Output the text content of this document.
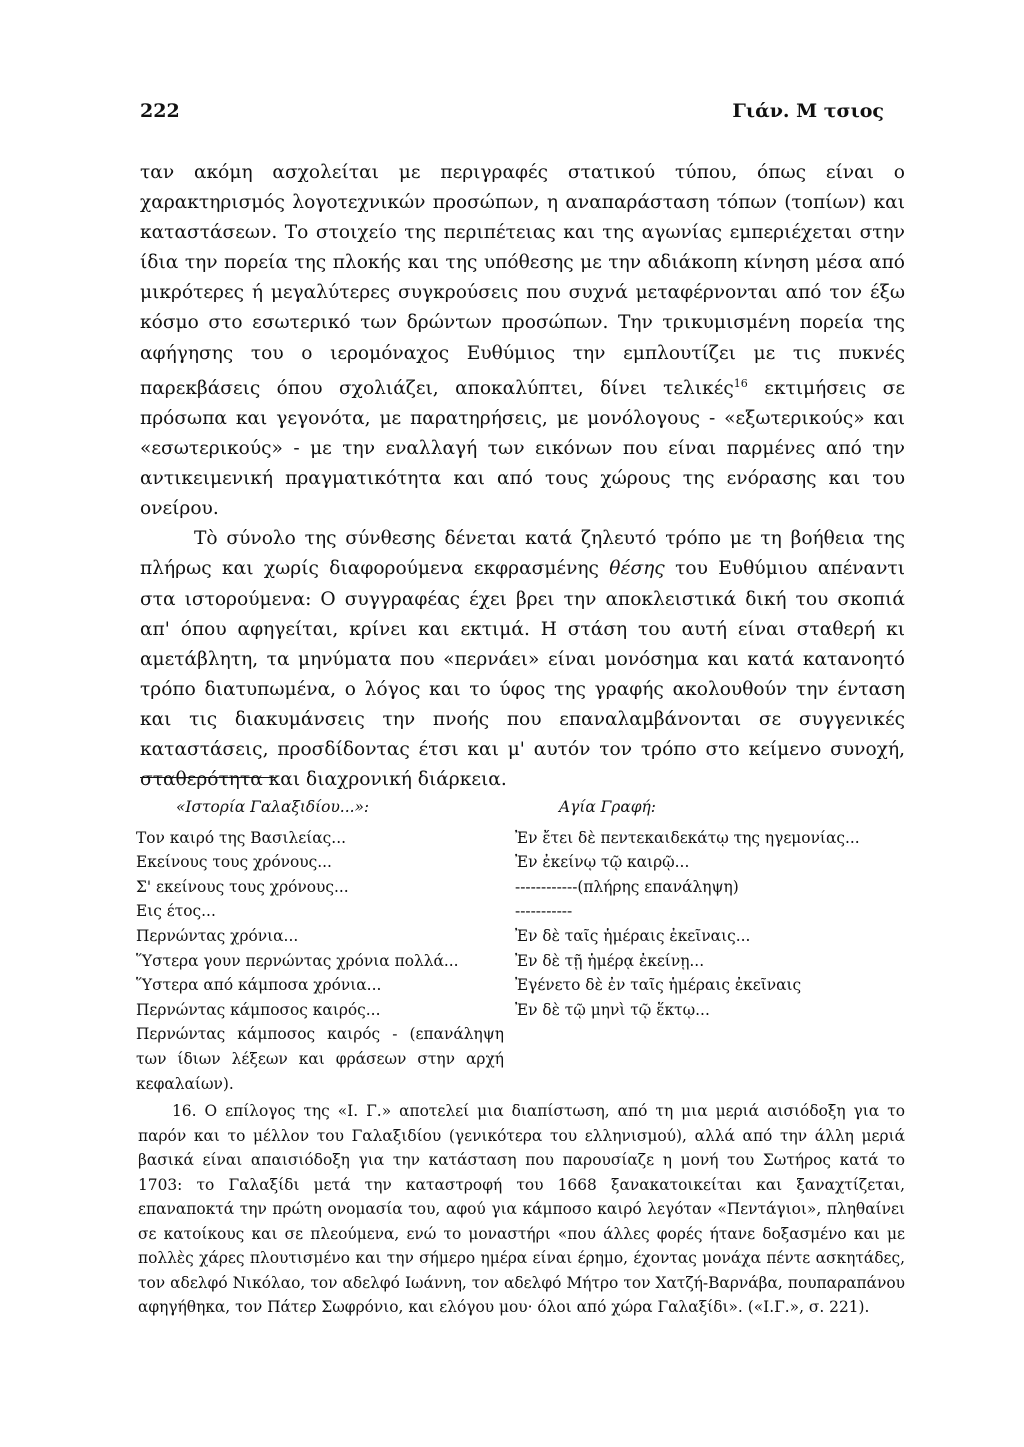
222	Γιάν. Μ τσιος

ταν ακόμη ασχολείται με περιγραφές στατικού τύπου, όπως είναι ο χαρακτηρισμός λογοτεχνικών προσώπων, η αναπαράσταση τόπων (τοπίων) και καταστάσεων. Το στοιχείο της περιπέτειας και της αγωνίας εμπεριέχεται στην ίδια την πορεία της πλοκής και της υπόθεσης με την αδιάκοπη κίνηση μέσα από μικρότερες ή μεγαλύτερες συγκρούσεις που συχνά μεταφέρνονται από τον έξω κόσμο στο εσωτερικό των δρώντων προσώπων. Την τρικυμισμένη πορεία της αφήγησης του ο ιερομόναχος Ευθύμιος την εμπλουτίζει με τις πυκνές παρεκβάσεις όπου σχολιάζει, αποκαλύπτει, δίνει τελικές$^{16}$ εκτιμήσεις σε πρόσωπα και γεγονότα, με παρατηρήσεις, με μονόλογους - «εξωτερικούς» και «εσωτερικούς» - με την εναλλαγή των εικόνων που είναι παρμένες από την αντικειμενική πραγματικότητα και από τους χώρους της ενόρασης και του ονείρου.

Τὸ σύνολο της σύνθεσης δένεται κατά ζηλευτό τρόπο με τη βοήθεια της πλήρως και χωρίς διαφορούμενα εκφρασμένης θέσης του Ευθύμιου απέναντι στα ιστορούμενα: Ο συγγραφέας έχει βρει την αποκλειστικά δική του σκοπιά απ' όπου αφηγείται, κρίνει και εκτιμά. Η στάση του αυτή είναι σταθερή κι αμετάβλητη, τα μηνύματα που «περνάει» είναι μονόσημα και κατά κατανοητό τρόπο διατυπωμένα, ο λόγος και το ύφος της γραφής ακολουθούν την ένταση και τις διακυμάνσεις την πνοής που επαναλαμβάνονται σε συγγενικές καταστάσεις, προσδίδοντας έτσι και μ' αυτόν τον τρόπο στο κείμενο συνοχή, σταθερότητα και διαχρονική διάρκεια.

«Ιστορία Γαλαξιδίου...»:
Τον καιρό της Βασιλείας...
Εκείνους τους χρόνους...
Σ' εκείνους τους χρόνους...
Εις έτος...
Περνώντας χρόνια...
Ὕστερα γουν περνώντας χρόνια πολλά...
Ὕστερα από κάμποσα χρόνια...
Περνώντας κάμποσος καιρός...
Περνώντας κάμποσος καιρός - (επανάληψη των ίδιων λέξεων και φράσεων στην αρχή κεφαλαίων).
Αγία Γραφή:
Ἐν ἔτει δὲ πεντεκαιδεκάτῳ της ηγεμονίας...
Ἐν ἐκείνῳ τῷ καιρῷ...
------------(πλήρης επανάληψη)
-----------
Ἐν δὲ ταῖς ἡμέραις ἐκεῖναις...
Ἐν δὲ τῇ ἡμέρᾳ ἐκείνῃ...
Ἐγένετο δὲ ἐν ταῖς ἡμέραις ἐκεῖναις
Ἐν δὲ τῷ μηνὶ τῷ ἕκτῳ...

16. Ο επίλογος της «Ι. Γ.» αποτελεί μια διαπίστωση, από τη μια μεριά αισιόδοξη για το παρόν και το μέλλον του Γαλαξιδίου (γενικότερα του ελληνισμού), αλλά από την άλλη μεριά βασικά είναι απαισιόδοξη για την κατάσταση που παρουσίαζε η μονή του Σωτήρος κατά το 1703: το Γαλαξίδι μετά την καταστροφή του 1668 ξανακατοικείται και ξαναχτίζεται, επαναποκτά την πρώτη ονομασία του, αφού για κάμποσο καιρό λεγόταν «Πεντάγιοι», πληθαίνει σε κατοίκους και σε πλεούμενα, ενώ το μοναστήρι «που άλλες φορές ήτανε δοξασμένο και με πολλὲς χάρες πλουτισμένο και την σήμερο ημέρα είναι έρημο, έχοντας μονάχα πέντε ασκητάδες, τον αδελφό Νικόλαο, τον αδελφό Ιωάννη, τον αδελφό Μήτρο τον Χατζή-Βαρνάβα, πουπαραπάνου αφηγήθηκα, τον Πάτερ Σωφρόνιο, και ελόγου μου· όλοι από χώρα Γαλαξίδι». («Ι.Γ.», σ. 221).
